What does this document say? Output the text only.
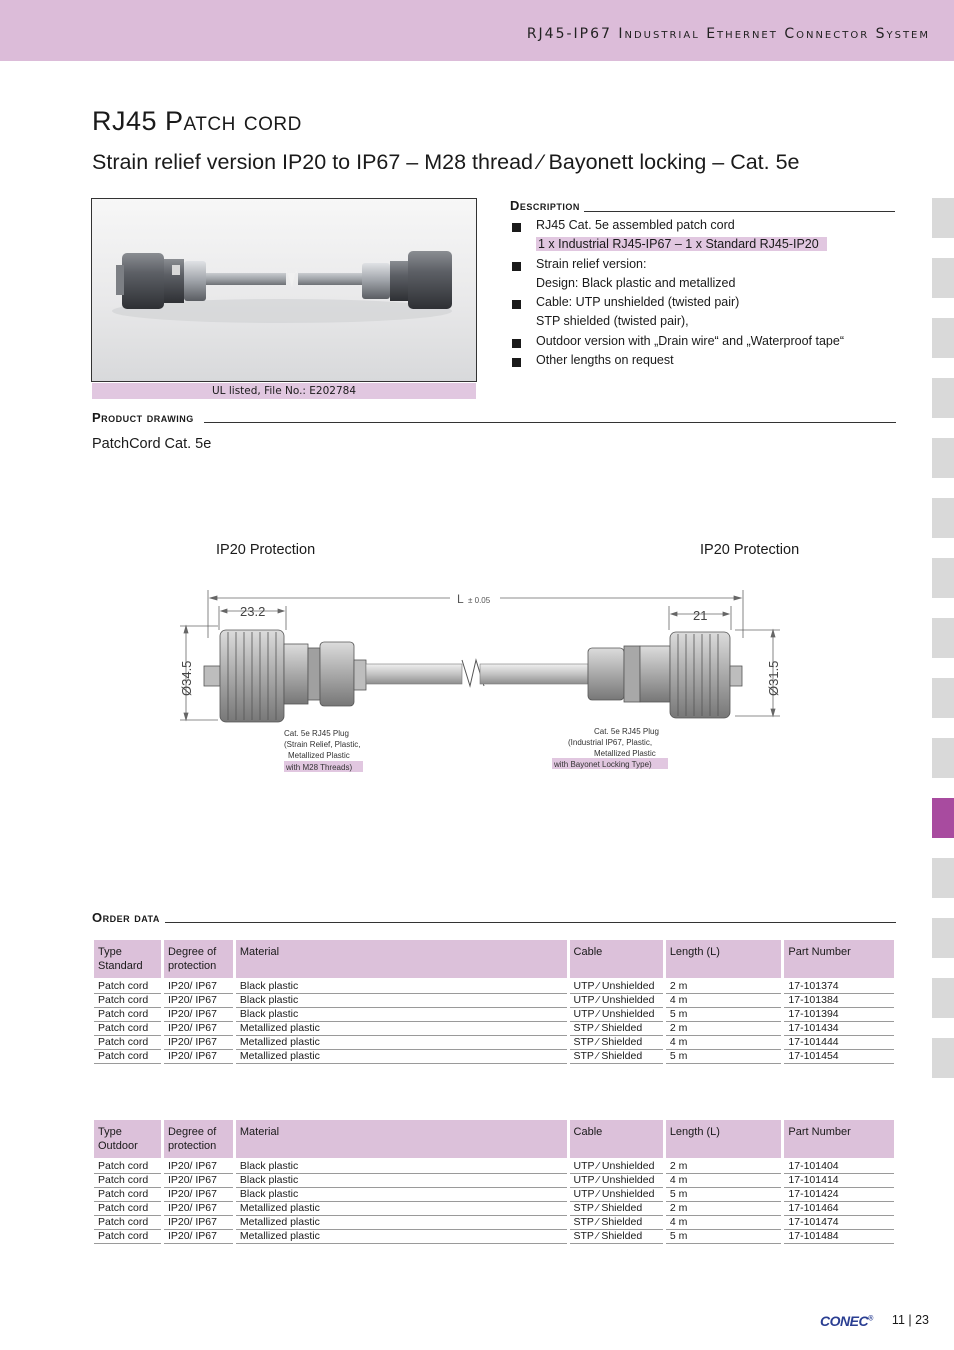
RJ45-IP67 Industrial Ethernet Connector System
RJ45 Patch cord
Strain relief version IP20 to IP67 – M28 thread ⁄ Bayonett locking – Cat. 5e
UL listed, File No.: E202784
Description
RJ45 Cat. 5e assembled patch cord
1 x Industrial RJ45-IP67 – 1 x Standard RJ45-IP20
Strain relief version:
Design: Black plastic and metallized
Cable: UTP unshielded (twisted pair)
STP shielded (twisted pair),
Outdoor version with „Drain wire“ and „Waterproof tape“
Other lengths on request
Product drawing
PatchCord Cat. 5e
IP20 Protection	IP20 Protection
L ± 0.05
23.2	21
Ø34.5	Ø31.5
Cat. 5e RJ45 Plug
(Strain Relief, Plastic,
Metallized Plastic
with M28 Threads)
Cat. 5e RJ45 Plug
(Industrial IP67, Plastic,
Metallized Plastic
with Bayonet Locking Type)
Order data
Type Standard	Degree of protection	Material	Cable	Length (L)	Part Number
Patch cord	IP20/ IP67	Black plastic	UTP ⁄ Unshielded	2 m	17-101374
Patch cord	IP20/ IP67	Black plastic	UTP ⁄ Unshielded	4 m	17-101384
Patch cord	IP20/ IP67	Black plastic	UTP ⁄ Unshielded	5 m	17-101394
Patch cord	IP20/ IP67	Metallized plastic	STP ⁄ Shielded	2 m	17-101434
Patch cord	IP20/ IP67	Metallized plastic	STP ⁄ Shielded	4 m	17-101444
Patch cord	IP20/ IP67	Metallized plastic	STP ⁄ Shielded	5 m	17-101454
Type Outdoor	Degree of protection	Material	Cable	Length (L)	Part Number
Patch cord	IP20/ IP67	Black plastic	UTP ⁄ Unshielded	2 m	17-101404
Patch cord	IP20/ IP67	Black plastic	UTP ⁄ Unshielded	4 m	17-101414
Patch cord	IP20/ IP67	Black plastic	UTP ⁄ Unshielded	5 m	17-101424
Patch cord	IP20/ IP67	Metallized plastic	STP ⁄ Shielded	2 m	17-101464
Patch cord	IP20/ IP67	Metallized plastic	STP ⁄ Shielded	4 m	17-101474
Patch cord	IP20/ IP67	Metallized plastic	STP ⁄ Shielded	5 m	17-101484
CONEC® 11 | 23
